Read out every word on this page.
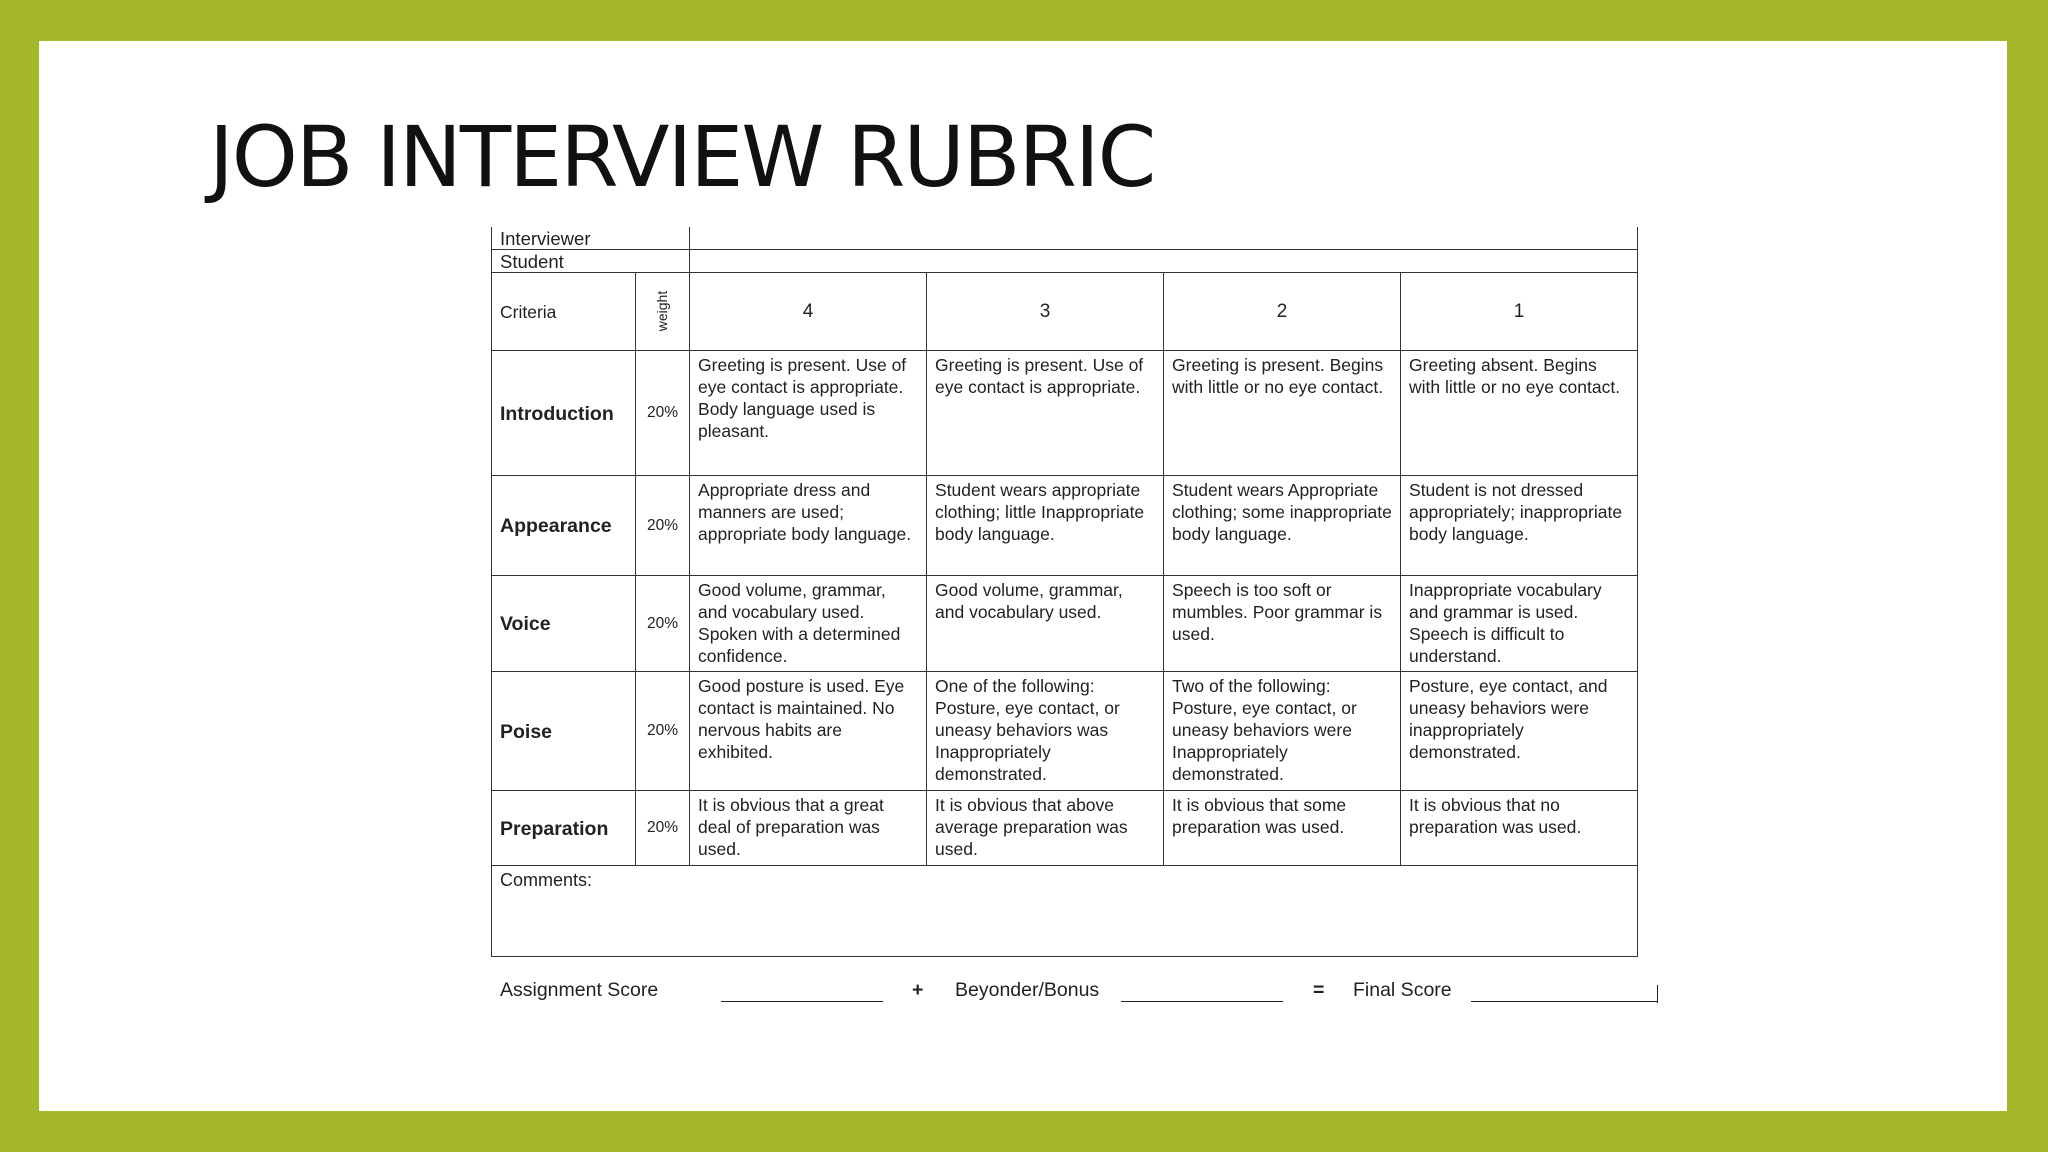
JOB INTERVIEW RUBRIC
Interviewer					
Student					
Criteria	weight	4	3	2	1
Introduction	20%	Greeting is present. Use of eye contact is appropriate. Body language used is pleasant.	Greeting is present. Use of eye contact is appropriate.	Greeting is present. Begins with little or no eye contact.	Greeting absent. Begins with little or no eye contact.
Appearance	20%	Appropriate dress and manners are used; appropriate body language.	Student wears appropriate clothing; little Inappropriate body language.	Student wears Appropriate clothing; some inappropriate body language.	Student is not dressed appropriately; inappropriate body language.
Voice	20%	Good volume, grammar, and vocabulary used. Spoken with a determined confidence.	Good volume, grammar, and vocabulary used.	Speech is too soft or mumbles. Poor grammar is used.	Inappropriate vocabulary and grammar is used. Speech is difficult to understand.
Poise	20%	Good posture is used. Eye contact is maintained. No nervous habits are exhibited.	One of the following: Posture, eye contact, or uneasy behaviors was Inappropriately demonstrated.	Two of the following: Posture, eye contact, or uneasy behaviors were Inappropriately demonstrated.	Posture, eye contact, and uneasy behaviors were inappropriately demonstrated.
Preparation	20%	It is obvious that a great deal of preparation was used.	It is obvious that above average preparation was used.	It is obvious that some preparation was used.	It is obvious that no preparation was used.
Comments:					
Assignment Score	+ Beyonder/Bonus	= Final Score
